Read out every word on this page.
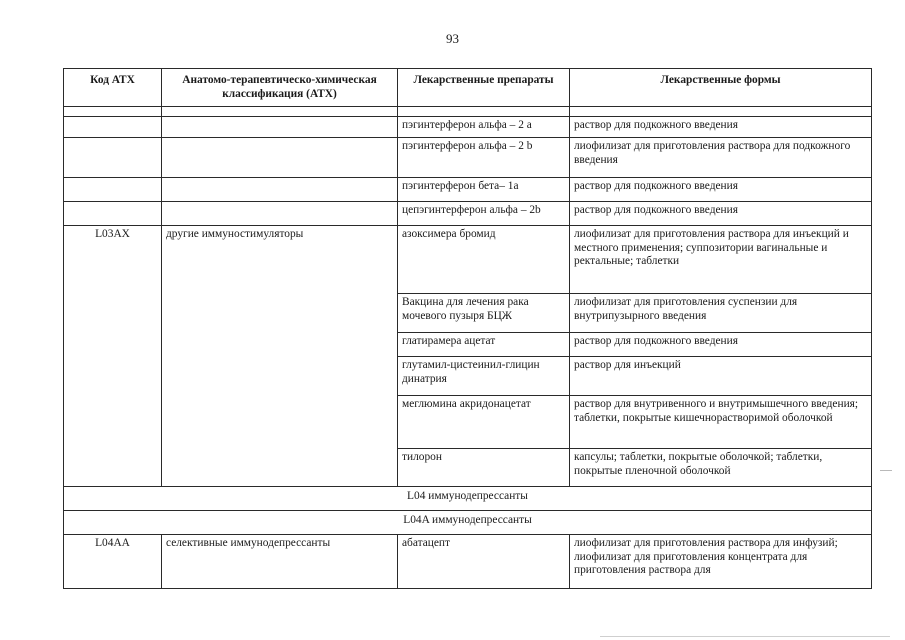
93
Код АТХ	Анатомо-терапевтическо-химическая классификация (АТХ)	Лекарственные препараты	Лекарственные формы

		пэгинтерферон альфа – 2 а	раствор для подкожного введения
		пэгинтерферон альфа – 2 b	лиофилизат для приготовления раствора для подкожного введения
		пэгинтерферон бета– 1а	раствор для подкожного введения
		цепэгинтерферон альфа – 2b	раствор для подкожного введения
L03AX	другие иммуностимуляторы	азоксимера бромид	лиофилизат для приготовления раствора для инъекций и местного применения; суппозитории вагинальные и
ректальные; таблетки

		Вакцина для лечения рака мочевого пузыря БЦЖ	лиофилизат для приготовления суспензии для внутрипузырного введения
		глатирамера ацетат	раствор для подкожного введения
		глутамил-цистеинил-глицин динатрия	раствор для инъекций
		меглюмина акридонацетат	раствор для внутривенного и внутримышечного введения;
таблетки, покрытые кишечнорастворимой оболочкой

		тилорон	капсулы; таблетки, покрытые оболочкой; таблетки, покрытые пленочной оболочкой
L04 иммунодепрессанты			
L04A иммунодепрессанты			
L04AA	селективные иммунодепрессанты	абатацепт	лиофилизат для приготовления раствора для инфузий; лиофилизат для приготовления концентрата для приготовления раствора для
